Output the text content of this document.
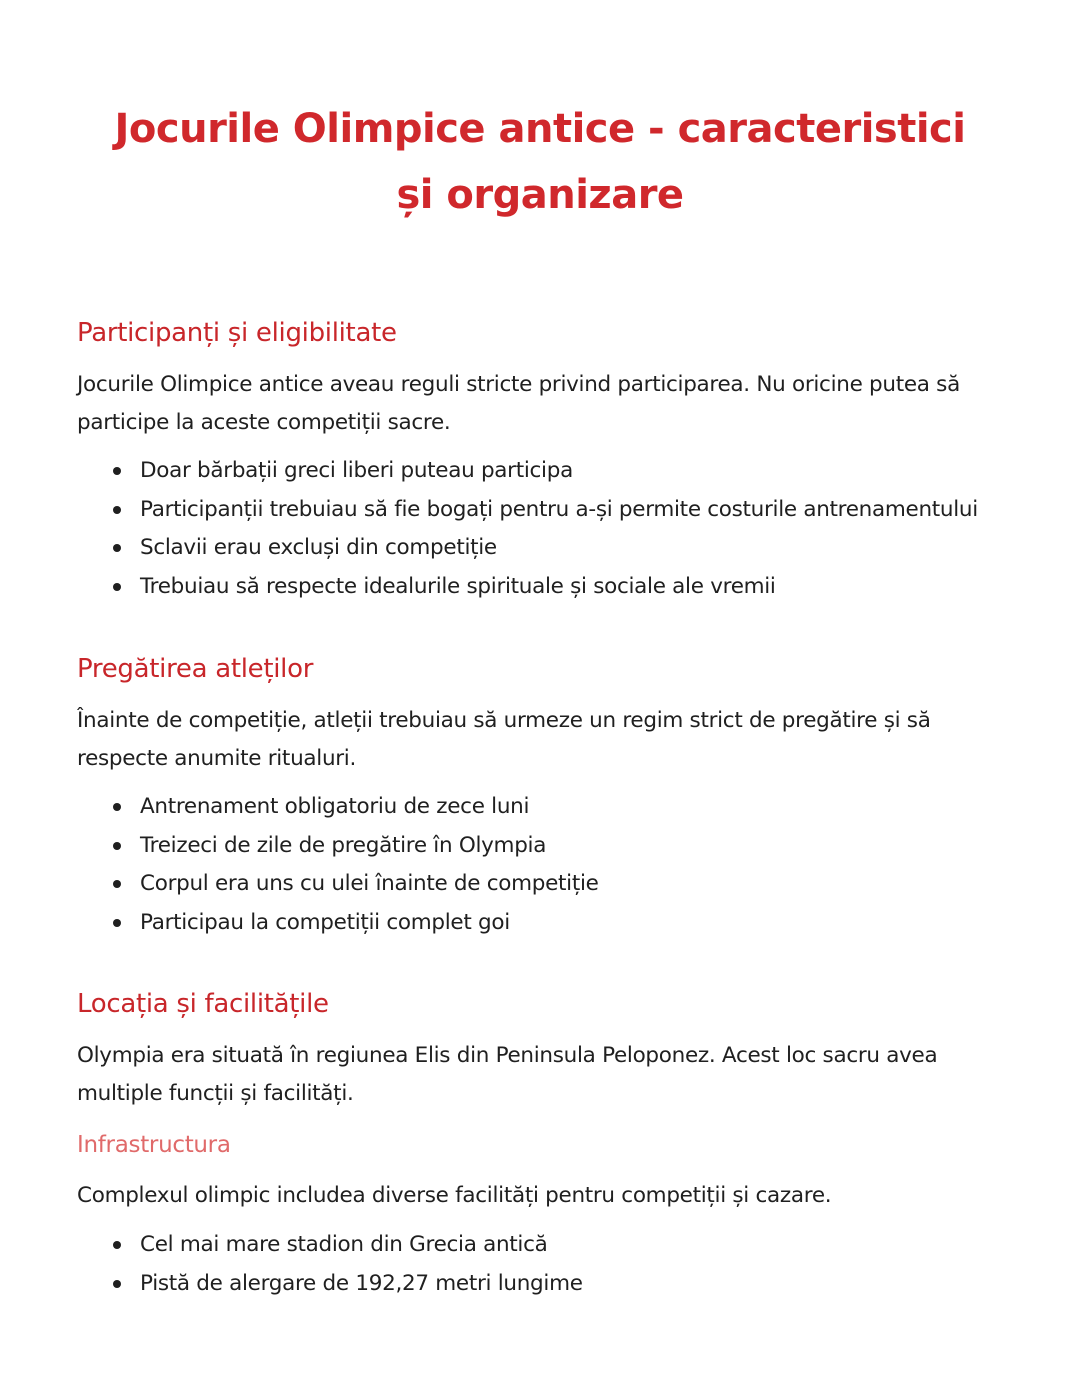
Jocurile Olimpice antice - caracteristici și organizare
Participanți și eligibilitate

Jocurile Olimpice antice aveau reguli stricte privind participarea. Nu oricine putea să participe la aceste competiții sacre.

Doar bărbații greci liberi puteau participa
Participanții trebuiau să fie bogați pentru a-și permite costurile antrenamentului
Sclavii erau excluși din competiție
Trebuiau să respecte idealurile spirituale și sociale ale vremii
Pregătirea atleților

Înainte de competiție, atleții trebuiau să urmeze un regim strict de pregătire și să respecte anumite ritualuri.

Antrenament obligatoriu de zece luni
Treizeci de zile de pregătire în Olympia
Corpul era uns cu ulei înainte de competiție
Participau la competiții complet goi
Locația și facilitățile

Olympia era situată în regiunea Elis din Peninsula Peloponez. Acest loc sacru avea multiple funcții și facilități.

Infrastructura

Complexul olimpic includea diverse facilități pentru competiții și cazare.

Cel mai mare stadion din Grecia antică
Pistă de alergare de 192,27 metri lungime
